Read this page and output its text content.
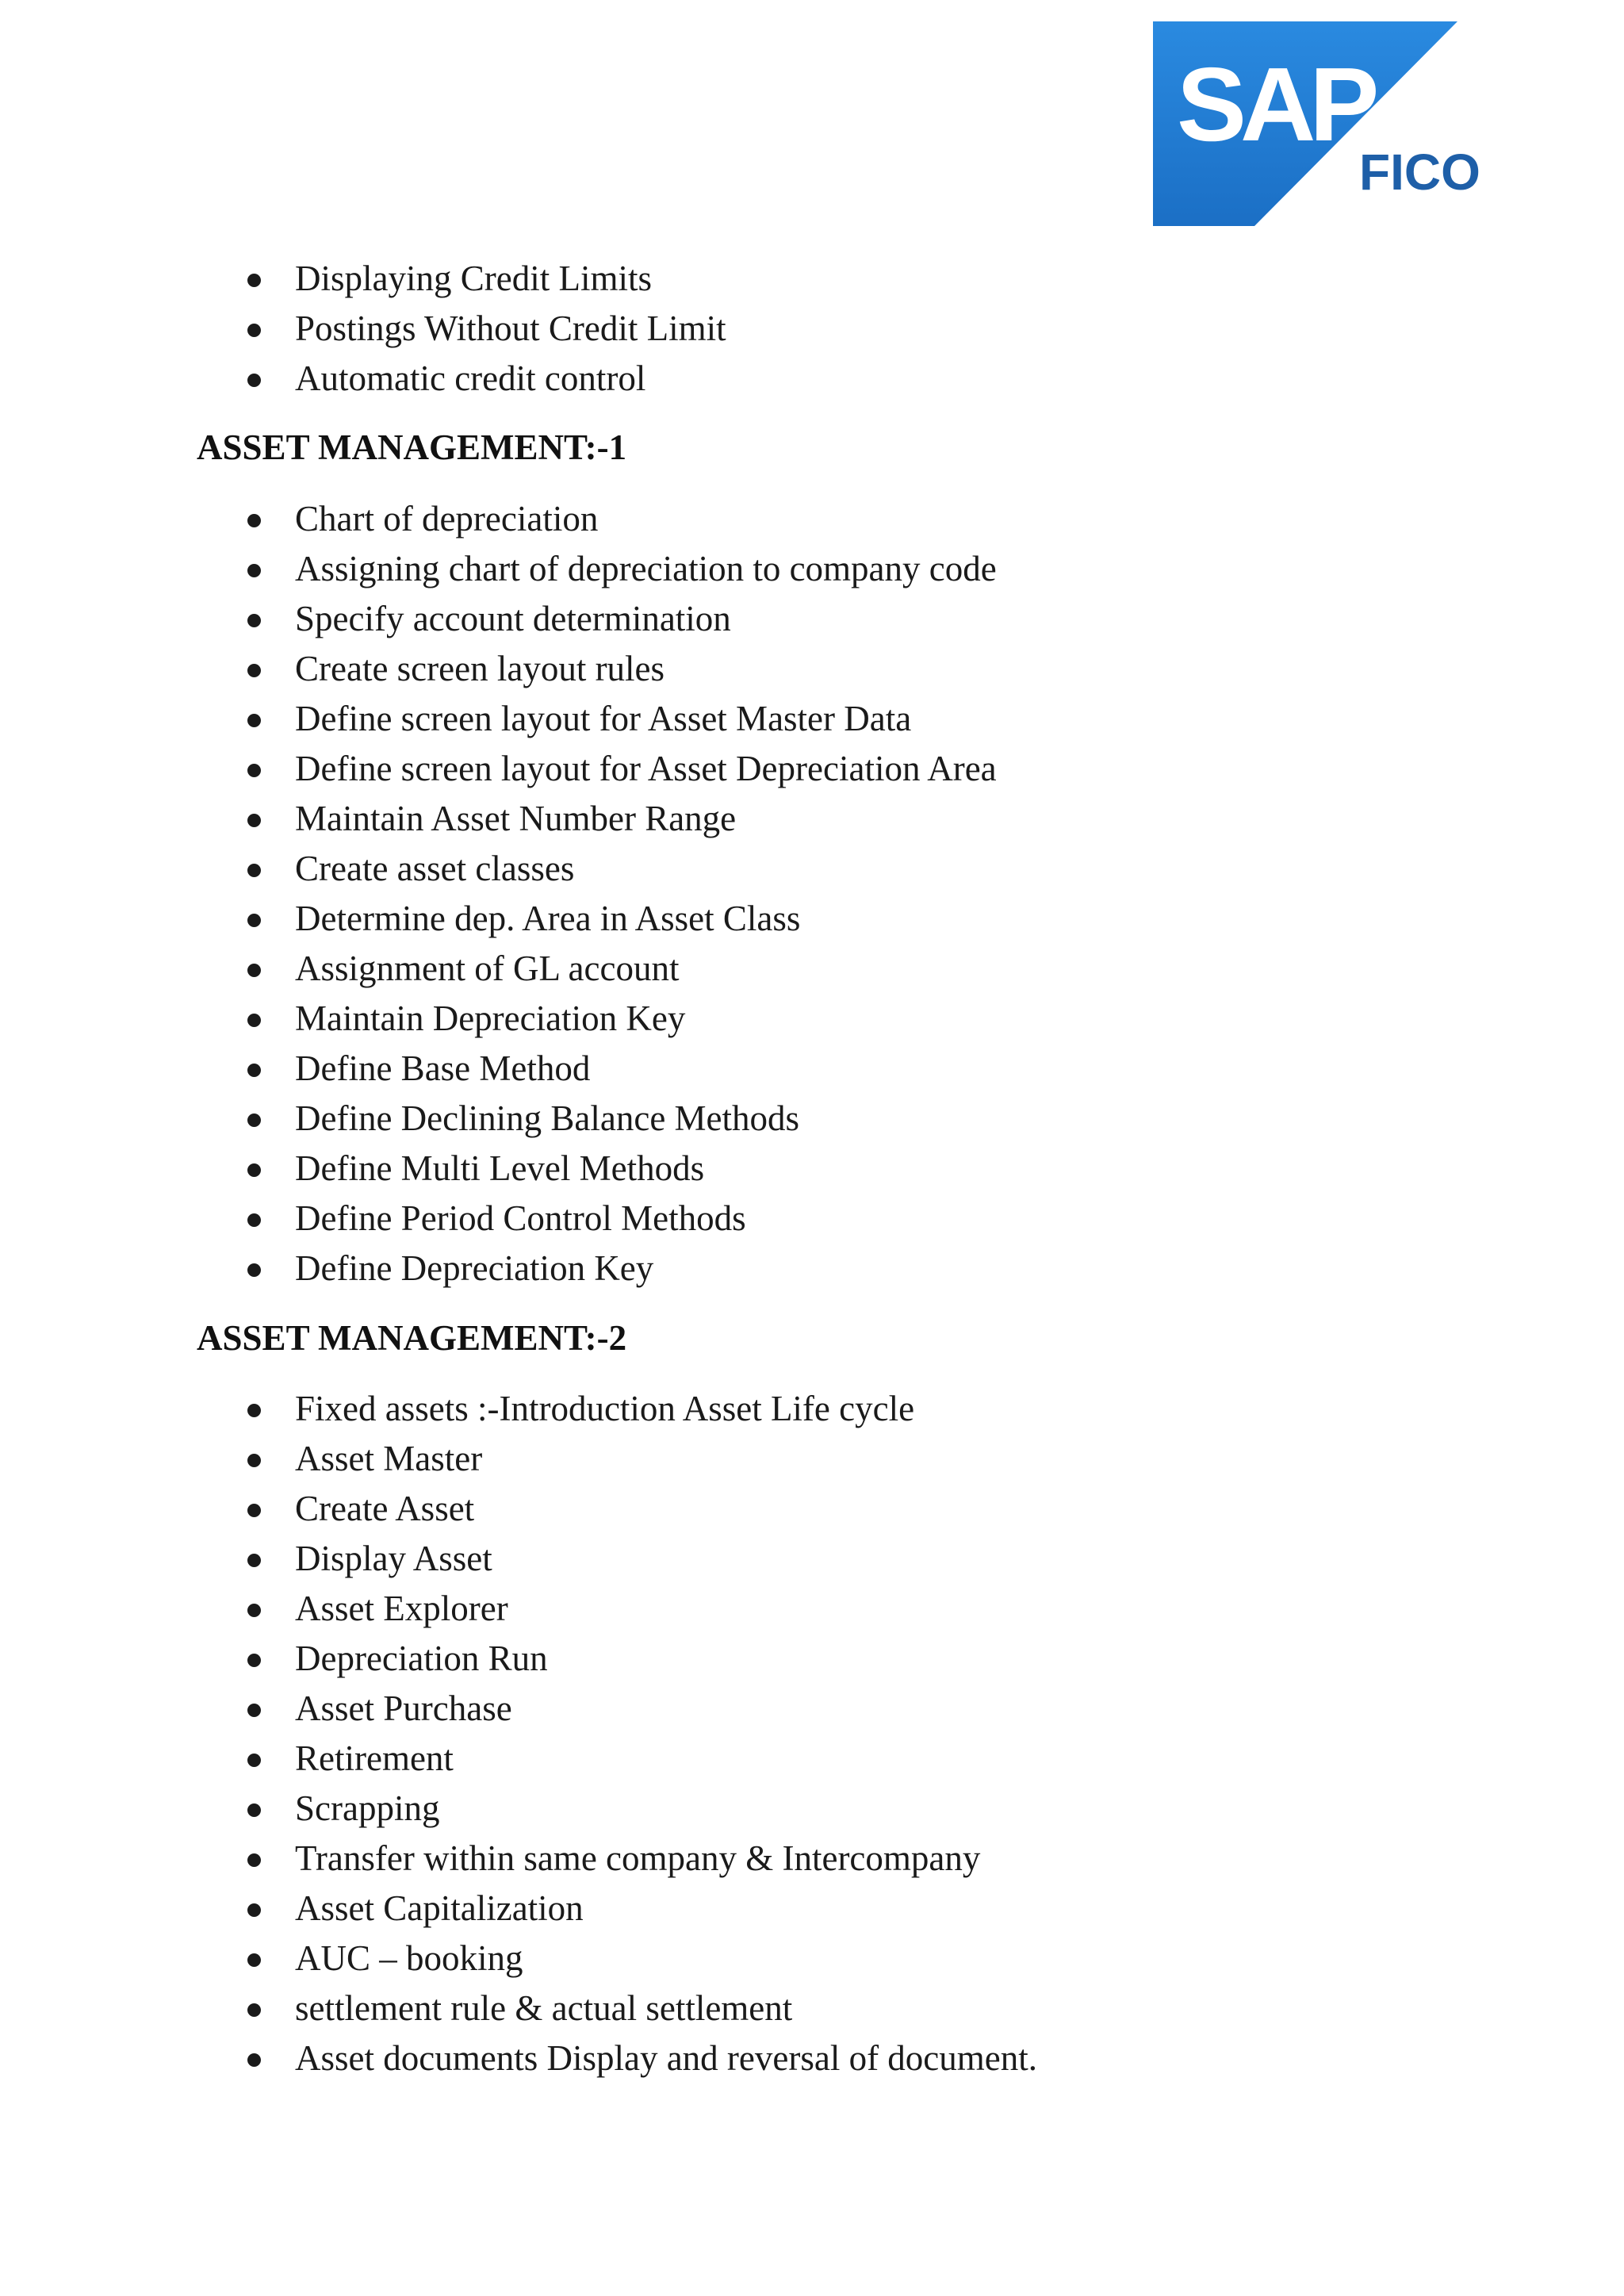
SAP
FICO
Displaying Credit Limits
Postings Without Credit Limit
Automatic credit control
ASSET MANAGEMENT:-1
Chart of depreciation
Assigning chart of depreciation to company code
Specify account determination
Create screen layout rules
Define screen layout for Asset Master Data
Define screen layout for Asset Depreciation Area
Maintain Asset Number Range
Create asset classes
Determine dep. Area in Asset Class
Assignment of GL account
Maintain Depreciation Key
Define Base Method
Define Declining Balance Methods
Define Multi Level Methods
Define Period Control Methods
Define Depreciation Key
ASSET MANAGEMENT:-2
Fixed assets :-Introduction Asset Life cycle
Asset Master
Create Asset
Display Asset
Asset Explorer
Depreciation Run
Asset Purchase
Retirement
Scrapping
Transfer within same company & Intercompany
Asset Capitalization
AUC – booking
settlement rule & actual settlement
Asset documents Display and reversal of document.
